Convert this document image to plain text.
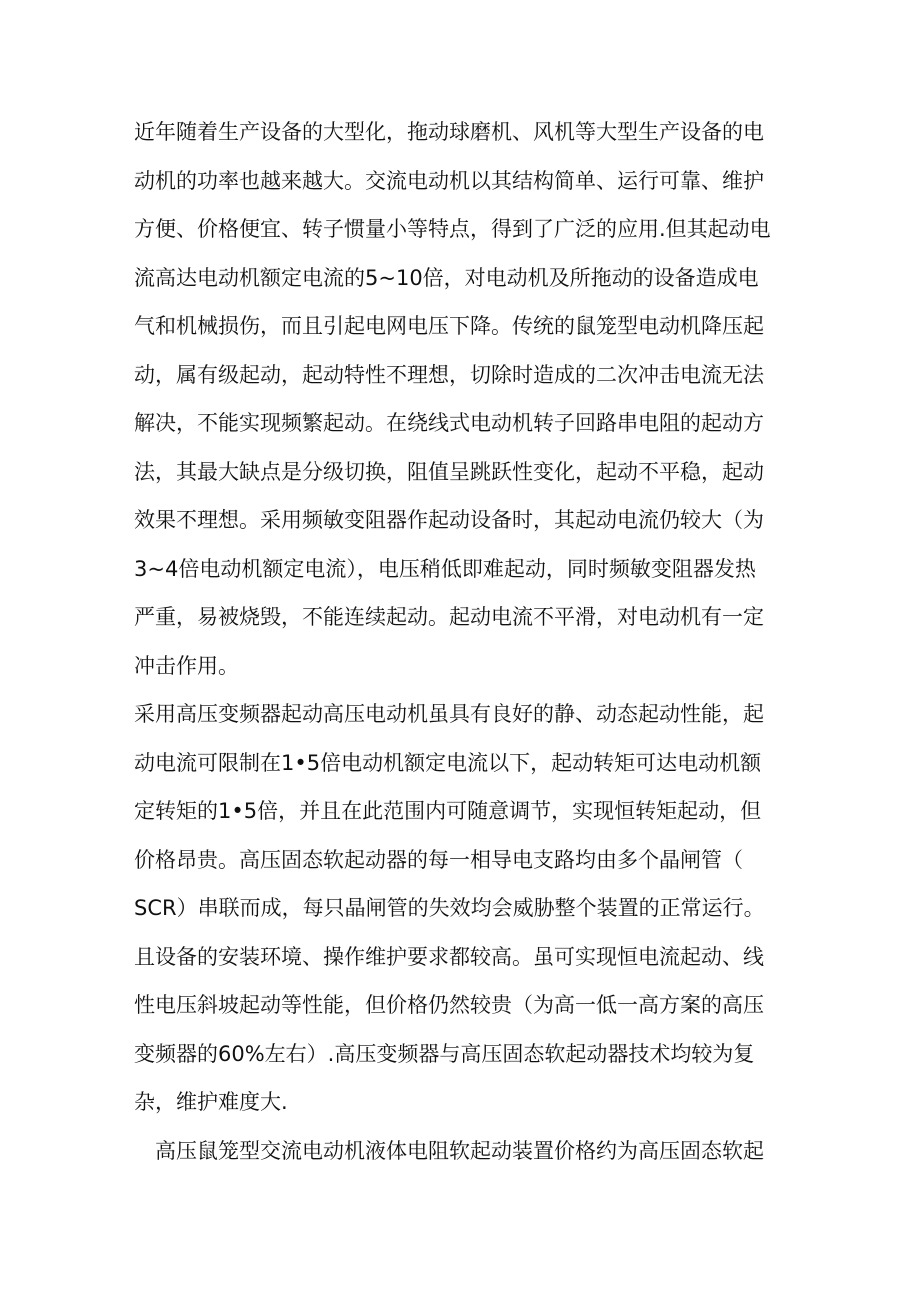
近年随着生产设备的大型化，拖动球磨机、风机等大型生产设备的电
动机的功率也越来越大。交流电动机以其结构简单、运行可靠、维护
方便、价格便宜、转子惯量小等特点，得到了广泛的应用.但其起动电
流高达电动机额定电流的5~10倍，对电动机及所拖动的设备造成电
气和机械损伤，而且引起电网电压下降。传统的鼠笼型电动机降压起
动，属有级起动，起动特性不理想，切除时造成的二次冲击电流无法
解决，不能实现频繁起动。在绕线式电动机转子回路串电阻的起动方
法，其最大缺点是分级切换，阻值呈跳跃性变化，起动不平稳，起动
效果不理想。采用频敏变阻器作起动设备时，其起动电流仍较大（为
3~4倍电动机额定电流），电压稍低即难起动，同时频敏变阻器发热
严重，易被烧毁，不能连续起动。起动电流不平滑，对电动机有一定
冲击作用。
采用高压变频器起动高压电动机虽具有良好的静、动态起动性能，起
动电流可限制在1•5倍电动机额定电流以下，起动转矩可达电动机额
定转矩的1•5倍，并且在此范围内可随意调节，实现恒转矩起动，但
价格昂贵。高压固态软起动器的每一相导电支路均由多个晶闸管（
SCR）串联而成，每只晶闸管的失效均会威胁整个装置的正常运行。
且设备的安装环境、操作维护要求都较高。虽可实现恒电流起动、线
性电压斜坡起动等性能，但价格仍然较贵（为高一低一高方案的高压
变频器的60%左右）.高压变频器与高压固态软起动器技术均较为复
杂，维护难度大.
高压鼠笼型交流电动机液体电阻软起动装置价格约为高压固态软起
